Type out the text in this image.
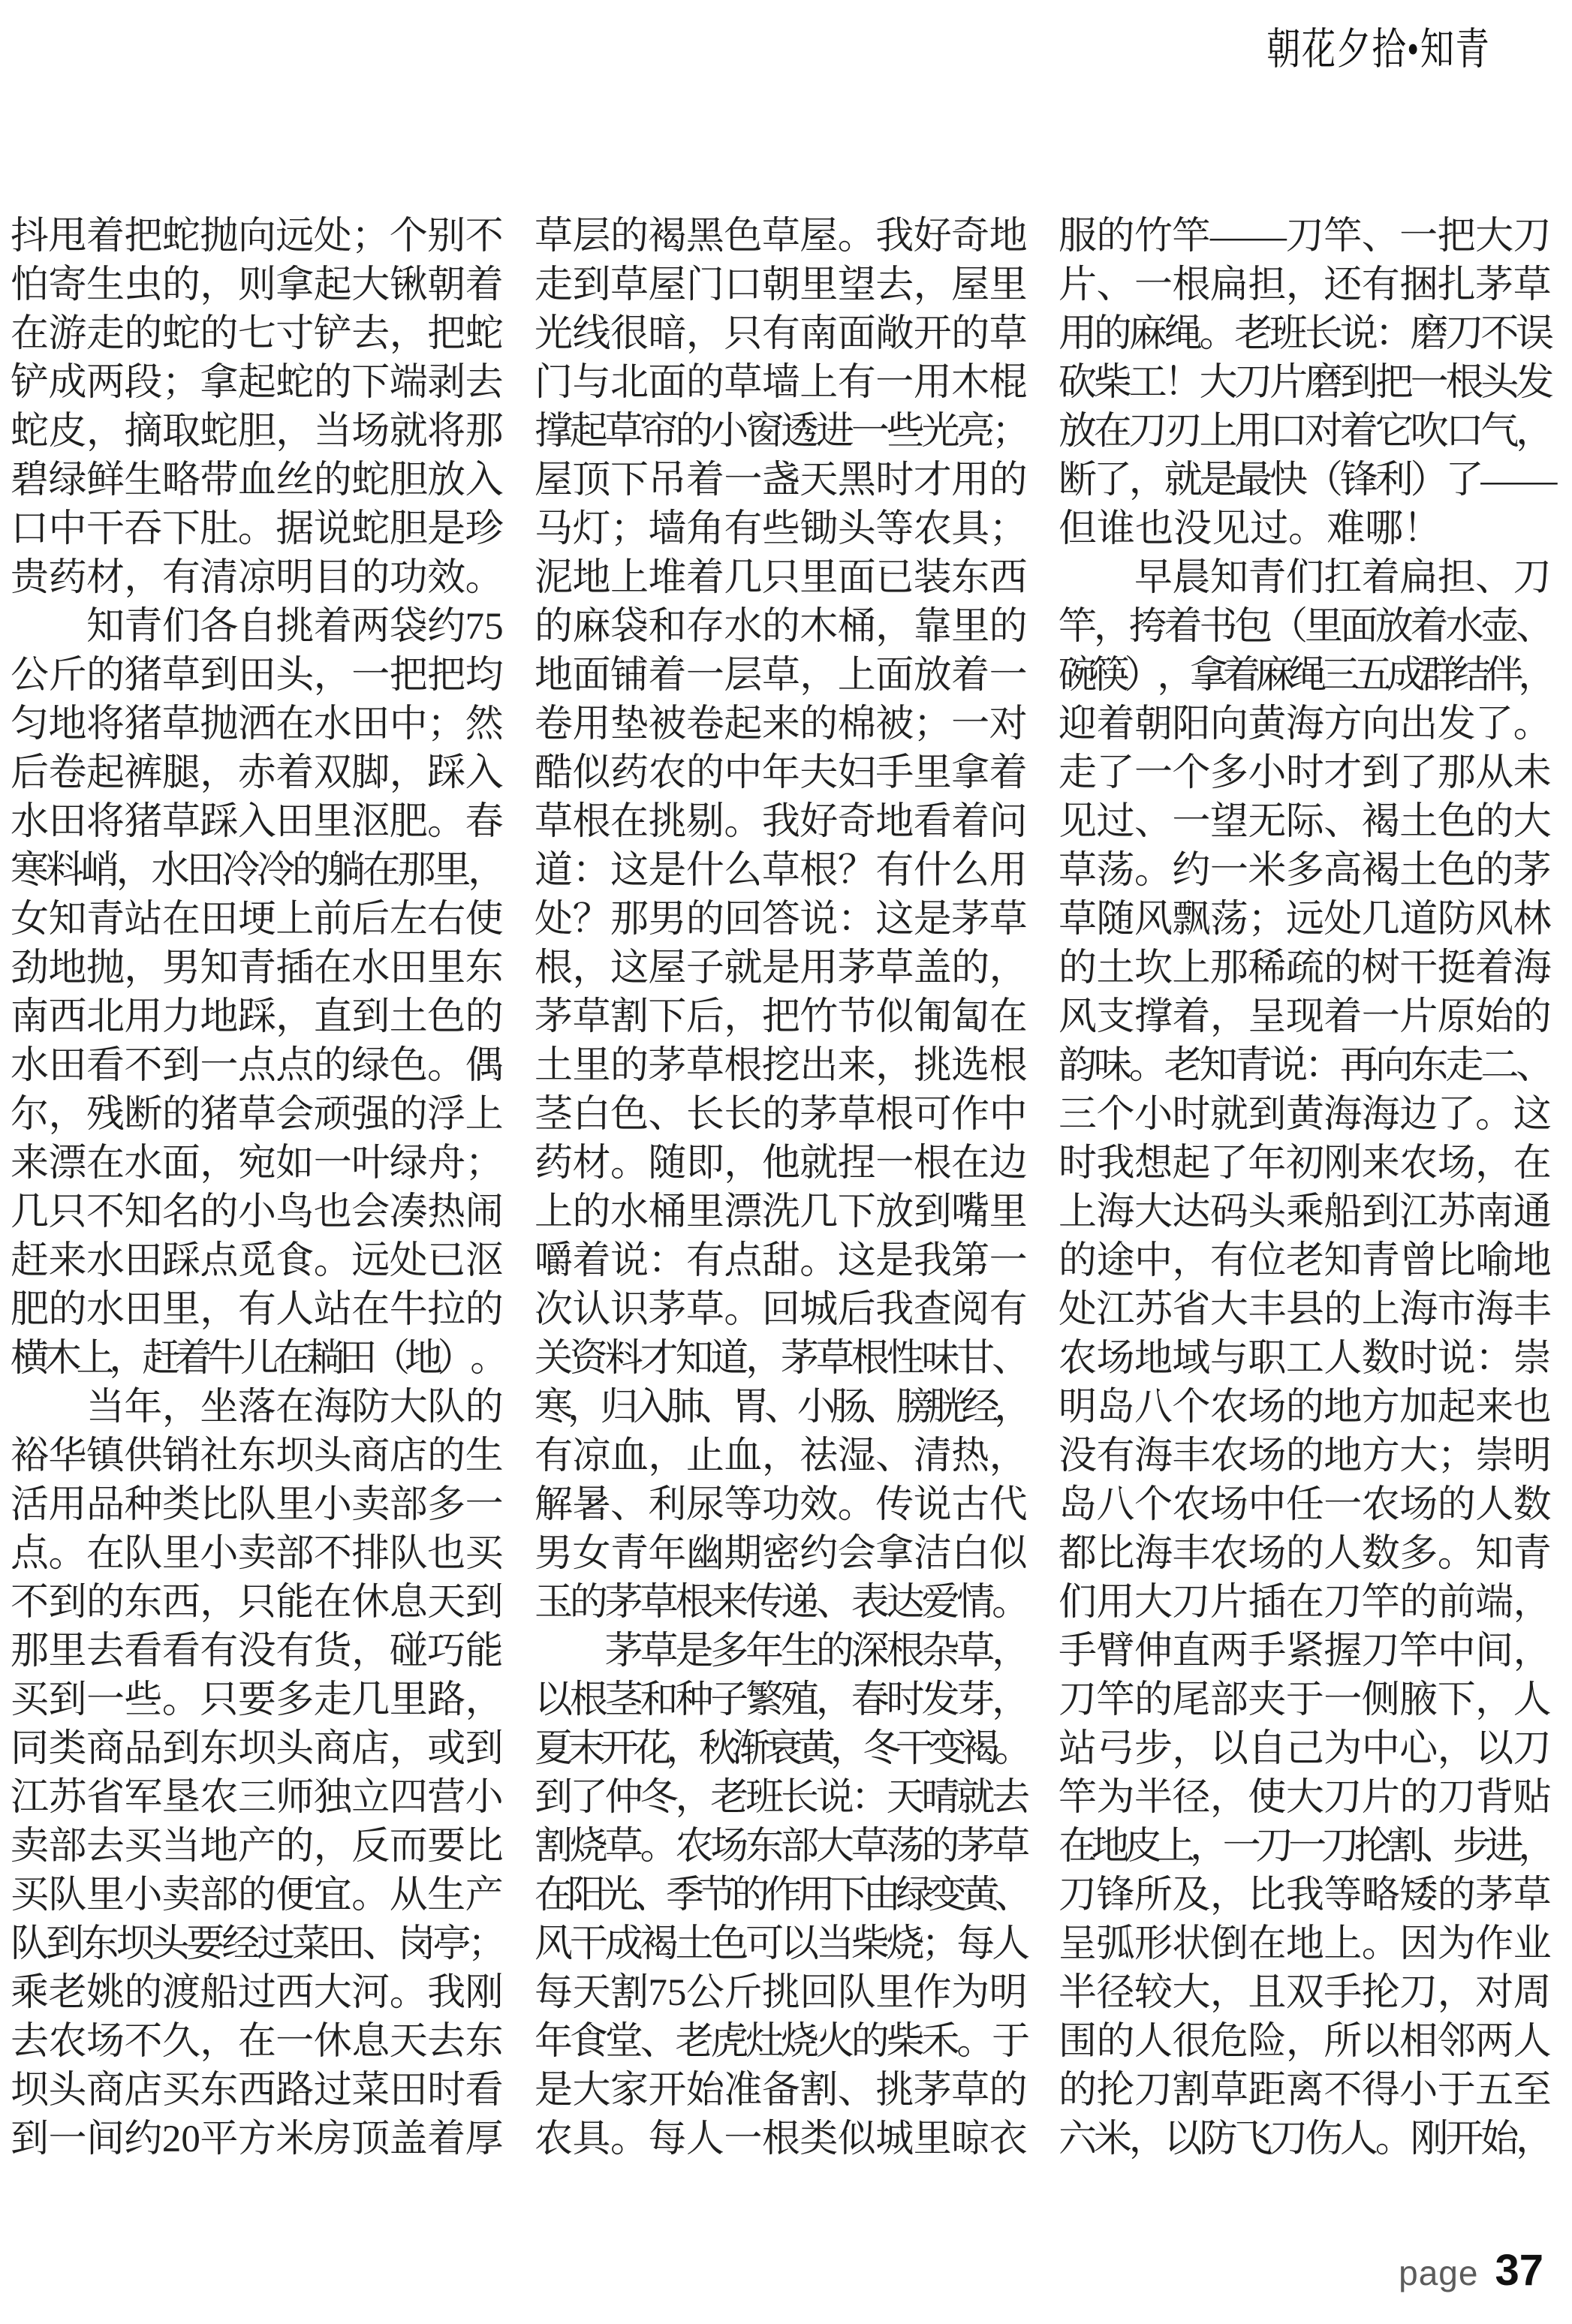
朝花夕拾•知青
抖 甩 着 把 蛇 抛 向 远 处 ； 个 别 不
怕 寄 生 虫 的 ， 则 拿 起 大 锹 朝 着
在 游 走 的 蛇 的 七 寸 铲 去 ， 把 蛇
铲 成 两 段 ； 拿 起 蛇 的 下 端 剥 去
蛇 皮 ， 摘 取 蛇 胆 ， 当 场 就 将 那
碧 绿 鲜 生 略 带 血 丝 的 蛇 胆 放 入
口 中 干 吞 下 肚 。 据 说 蛇 胆 是 珍
贵 药 材 ， 有 清 凉 明 目 的 功 效 。

知 青 们 各 自 挑 着 两 袋 约 75
公 斤 的 猪 草 到 田 头 ， 一 把 把 均
匀 地 将 猪 草 抛 洒 在 水 田 中 ； 然
后 卷 起 裤 腿 ， 赤 着 双 脚 ， 踩 入
水 田 将 猪 草 踩 入 田 里 沤 肥 。 春
寒
料
峭
，
水
田
冷
冷
的
躺
在
那
里
，
女 知 青 站 在 田 埂 上 前 后 左 右 使
劲 地 抛 ， 男 知 青 插 在 水 田 里 东
南 西 北 用 力 地 踩 ， 直 到 土 色 的
水 田 看 不 到 一 点 点 的 绿 色 。 偶
尔 ， 残 断 的 猪 草 会 顽 强 的 浮 上
来 漂 在 水 面 ， 宛 如 一 叶 绿 舟 ；
几 只 不 知 名 的 小 鸟 也 会 凑 热 闹
赶 来 水 田 踩 点 觅 食 。 远 处 已 沤
肥 的 水 田 里 ， 有 人 站 在 牛 拉 的
横
木
上
，
赶
着
牛
儿
在
耥
田
（
地
）
。

当 年 ， 坐 落 在 海 防 大 队 的
裕 华 镇 供 销 社 东 坝 头 商 店 的 生
活 用 品 种 类 比 队 里 小 卖 部 多 一
点 。 在 队 里 小 卖 部 不 排 队 也 买
不 到 的 东 西 ， 只 能 在 休 息 天 到
那 里 去 看 看 有 没 有 货 ， 碰 巧 能
买 到 一 些 。 只 要 多 走 几 里 路 ，
同 类 商 品 到 东 坝 头 商 店 ， 或 到
江 苏 省 军 垦 农 三 师 独 立 四 营 小
卖 部 去 买 当 地 产 的 ， 反 而 要 比
买 队 里 小 卖 部 的 便 宜 。 从 生 产
队
到
东
坝
头
要
经
过
菜
田
、
岗
亭
；
乘 老 姚 的 渡 船 过 西 大 河 。 我 刚
去 农 场 不 久 ， 在 一 休 息 天 去 东
坝 头 商 店 买 东 西 路 过 菜 田 时 看
到 一 间 约 20 平 方 米 房 顶 盖 着 厚
草 层 的 褐 黑 色 草 屋 。 我 好 奇 地
走 到 草 屋 门 口 朝 里 望 去 ， 屋 里
光 线 很 暗 ， 只 有 南 面 敞 开 的 草
门 与 北 面 的 草 墙 上 有 一 用 木 棍
撑
起
草
帘
的
小
窗
透
进
一
些
光
亮
；
屋 顶 下 吊 着 一 盏 天 黑 时 才 用 的
马 灯 ； 墙 角 有 些 锄 头 等 农 具 ；
泥 地 上 堆 着 几 只 里 面 已 装 东 西
的 麻 袋 和 存 水 的 木 桶 ， 靠 里 的
地 面 铺 着 一 层 草 ， 上 面 放 着 一
卷 用 垫 被 卷 起 来 的 棉 被 ； 一 对
酷 似 药 农 的 中 年 夫 妇 手 里 拿 着
草 根 在 挑 剔 。 我 好 奇 地 看 着 问
道 ： 这 是 什 么 草 根 ？ 有 什 么 用
处 ？ 那 男 的 回 答 说 ： 这 是 茅 草
根 ， 这 屋 子 就 是 用 茅 草 盖 的 ，
茅 草 割 下 后 ， 把 竹 节 似 匍 匐 在
土 里 的 茅 草 根 挖 出 来 ， 挑 选 根
茎 白 色 、 长 长 的 茅 草 根 可 作 中
药 材 。 随 即 ， 他 就 捏 一 根 在 边
上 的 水 桶 里 漂 洗 几 下 放 到 嘴 里
嚼 着 说 ： 有 点 甜 。 这 是 我 第 一
次 认 识 茅 草 。 回 城 后 我 查 阅 有
关
资
料
才
知
道
，
茅
草
根
性
味
甘
、
寒
，
归
入
肺
、
胃
、
小
肠
、
膀
胱
经
，
有 凉 血 ， 止 血 ， 祛 湿 、 清 热 ，
解 暑 、 利 尿 等 功 效 。 传 说 古 代
男 女 青 年 幽 期 密 约 会 拿 洁 白 似
玉
的
茅
草
根
来
传
递
、
表
达
爱
情
。

茅
草
是
多
年
生
的
深
根
杂
草
，
以
根
茎
和
种
子
繁
殖
，
春
时
发
芽
，
夏
末
开
花
，
秋
渐
衰
黄
，
冬
干
变
褐
。
到
了
仲
冬
，
老
班
长
说
：
天
晴
就
去
割
烧
草
。
农
场
东
部
大
草
荡
的
茅
草
在
阳
光
、
季
节
的
作
用
下
由
绿
变
黄
、
风
干
成
褐
土
色
可
以
当
柴
烧
；
每
人
每 天 割 75 公 斤 挑 回 队 里 作 为 明
年
食
堂
、
老
虎
灶
烧
火
的
柴
禾
。
于
是 大 家 开 始 准 备 割 、 挑 茅 草 的
农 具 。 每 人 一 根 类 似 城 里 晾 衣
服 的 竹 竿 ——
刀 竿 、 一 把 大 刀
片 、 一 根 扁 担 ， 还 有 捆 扎 茅 草
用
的
麻
绳
。
老
班
长
说
：
磨
刀
不
误
砍
柴
工
！
大
刀
片
磨
到
把
一
根
头
发
放
在
刀
刃
上
用
口
对
着
它
吹
口
气
，
断
了
，
就
是
最
快
（
锋
利
）
了
——
但 谁 也 没 见 过 。 难 哪 ！

早 晨 知 青 们 扛 着 扁 担 、 刀
竿
，
挎
着
书
包
（
里
面
放
着
水
壶
、
碗
筷
）
，
拿
着
麻
绳
三
五
成
群
结
伴
，
迎 着 朝 阳 向 黄 海 方 向 出 发 了 。
走 了 一 个 多 小 时 才 到 了 那 从 未
见 过 、 一 望 无 际 、 褐 土 色 的 大
草 荡 。 约 一 米 多 高 褐 土 色 的 茅
草 随 风 飘 荡 ； 远 处 几 道 防 风 林
的 土 坎 上 那 稀 疏 的 树 干 挺 着 海
风 支 撑 着 ， 呈 现 着 一 片 原 始 的
韵
味
。
老
知
青
说
：
再
向
东
走
二
、
三 个 小 时 就 到 黄 海 海 边 了 。 这
时 我 想 起 了 年 初 刚 来 农 场 ， 在
上 海 大 达 码 头 乘 船 到 江 苏 南 通
的 途 中 ， 有 位 老 知 青 曾 比 喻 地
处 江 苏 省 大 丰 县 的 上 海 市 海 丰
农 场 地 域 与 职 工 人 数 时 说 ： 崇
明 岛 八 个 农 场 的 地 方 加 起 来 也
没 有 海 丰 农 场 的 地 方 大 ； 崇 明
岛 八 个 农 场 中 任 一 农 场 的 人 数
都 比 海 丰 农 场 的 人 数 多 。 知 青
们 用 大 刀 片 插 在 刀 竿 的 前 端 ，
手 臂 伸 直 两 手 紧 握 刀 竿 中 间 ，
刀 竿 的 尾 部 夹 于 一 侧 腋 下 ， 人
站 弓 步 ， 以 自 己 为 中 心 ， 以 刀
竿 为 半 径 ， 使 大 刀 片 的 刀 背 贴
在
地
皮
上
，
一
刀
一
刀
抡
割
、
步
进
，
刀 锋 所 及 ， 比 我 等 略 矮 的 茅 草
呈 弧 形 状 倒 在 地 上 。 因 为 作 业
半 径 较 大 ， 且 双 手 抡 刀 ， 对 周
围 的 人 很 危 险 ， 所 以 相 邻 两 人
的 抡 刀 割 草 距 离 不 得 小 于 五 至
六
米
，
以
防
飞
刀
伤
人
。
刚
开
始
，
page 37
